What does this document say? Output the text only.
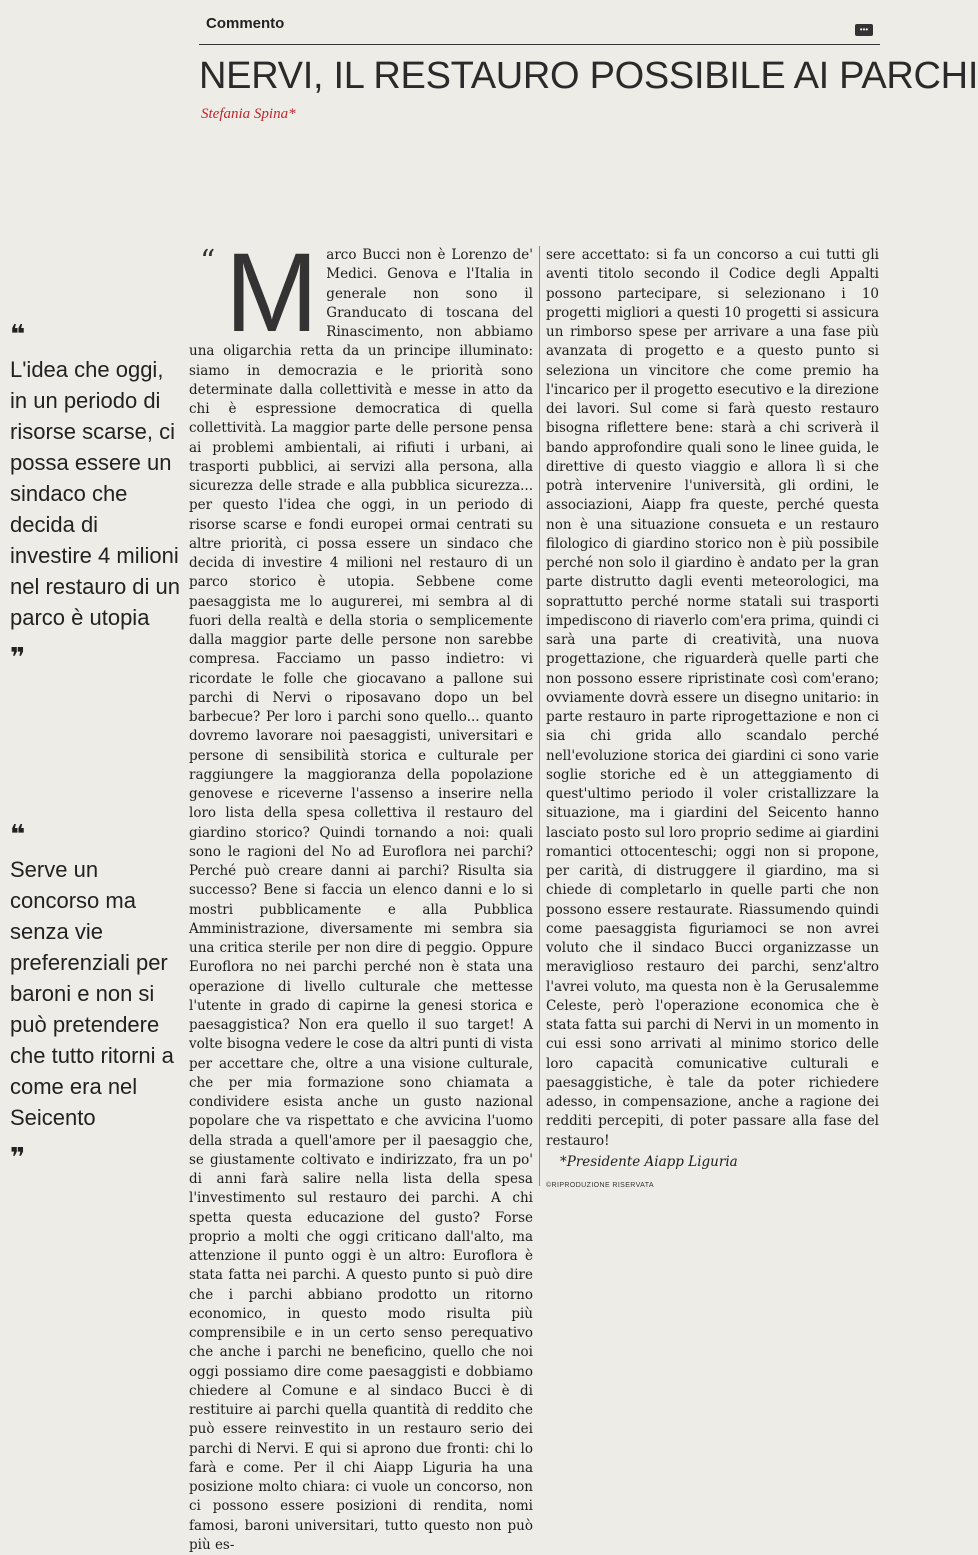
Commento	•••
NERVI, IL RESTAURO POSSIBILE AI PARCHI
Stefania Spina*
❝
L'idea che oggi, in un periodo di risorse scarse, ci possa essere un sindaco che decida di investire 4 milioni nel restauro di un parco è utopia
❞
❝
Serve un concorso ma senza vie preferenziali per baroni e non si può pretendere che tutto ritorni a come era nel Seicento
❞
“ Marco Bucci non è Lorenzo de' Medici. Genova e l'Italia in generale non sono il Granducato di toscana del Rinascimento, non abbiamo una oligarchia retta da un principe illuminato: siamo in democrazia e le priorità sono determinate dalla collettività e messe in atto da chi è espressione democratica di quella collettività. La maggior parte delle persone pensa ai problemi ambientali, ai rifiuti i urbani, ai trasporti pubblici, ai servizi alla persona, alla sicurezza delle strade e alla pubblica sicurezza... per questo l'idea che oggi, in un periodo di risorse scarse e fondi europei ormai centrati su altre priorità, ci possa essere un sindaco che decida di investire 4 milioni nel restauro di un parco storico è utopia. Sebbene come paesaggista me lo augurerei, mi sembra al di fuori della realtà e della storia o semplicemente dalla maggior parte delle persone non sarebbe compresa. Facciamo un passo indietro: vi ricordate le folle che giocavano a pallone sui parchi di Nervi o riposavano dopo un bel barbecue? Per loro i parchi sono quello... quanto dovremo lavorare noi paesaggisti, universitari e persone di sensibilità storica e culturale per raggiungere la maggioranza della popolazione genovese e riceverne l'assenso a inserire nella loro lista della spesa collettiva il restauro del giardino storico? Quindi tornando a noi: quali sono le ragioni del No ad Euroflora nei parchi? Perché può creare danni ai parchi? Risulta sia successo? Bene si faccia un elenco danni e lo si mostri pubblicamente e alla Pubblica Amministrazione, diversamente mi sembra sia una critica sterile per non dire di peggio. Oppure Euroflora no nei parchi perché non è stata una operazione di livello culturale che mettesse l'utente in grado di capirne la genesi storica e paesaggistica? Non era quello il suo target! A volte bisogna vedere le cose da altri punti di vista per accettare che, oltre a una visione culturale, che per mia formazione sono chiamata a condividere esista anche un gusto nazional popolare che va rispettato e che avvicina l'uomo della strada a quell'amore per il paesaggio che, se giustamente coltivato e indirizzato, fra un po' di anni farà salire nella lista della spesa l'investimento sul restauro dei parchi. A chi spetta questa educazione del gusto? Forse proprio a molti che oggi criticano dall'alto, ma attenzione il punto oggi è un altro: Euroflora è stata fatta nei parchi. A questo punto si può dire che i parchi abbiano prodotto un ritorno economico, in questo modo risulta più comprensibile e in un certo senso perequativo che anche i parchi ne beneficino, quello che noi oggi possiamo dire come paesaggisti e dobbiamo chiedere al Comune e al sindaco Bucci è di restituire ai parchi quella quantità di reddito che può essere reinvestito in un restauro serio dei parchi di Nervi. E qui si aprono due fronti: chi lo farà e come. Per il chi Aiapp Liguria ha una posizione molto chiara: ci vuole un concorso, non ci possono essere posizioni di rendita, nomi famosi, baroni universitari, tutto questo non può più es-
sere accettato: si fa un concorso a cui tutti gli aventi titolo secondo il Codice degli Appalti possono partecipare, si selezionano i 10 progetti migliori a questi 10 progetti si assicura un rimborso spese per arrivare a una fase più avanzata di progetto e a questo punto si seleziona un vincitore che come premio ha l'incarico per il progetto esecutivo e la direzione dei lavori. Sul come si farà questo restauro bisogna riflettere bene: starà a chi scriverà il bando approfondire quali sono le linee guida, le direttive di questo viaggio e allora lì si che potrà intervenire l'università, gli ordini, le associazioni, Aiapp fra queste, perché questa non è una situazione consueta e un restauro filologico di giardino storico non è più possibile perché non solo il giardino è andato per la gran parte distrutto dagli eventi meteorologici, ma soprattutto perché norme statali sui trasporti impediscono di riaverlo com'era prima, quindi ci sarà una parte di creatività, una nuova progettazione, che riguarderà quelle parti che non possono essere ripristinate così com'erano; ovviamente dovrà essere un disegno unitario: in parte restauro in parte riprogettazione e non ci sia chi grida allo scandalo perché nell'evoluzione storica dei giardini ci sono varie soglie storiche ed è un atteggiamento di quest'ultimo periodo il voler cristallizzare la situazione, ma i giardini del Seicento hanno lasciato posto sul loro proprio sedime ai giardini romantici ottocenteschi; oggi non si propone, per carità, di distruggere il giardino, ma si chiede di completarlo in quelle parti che non possono essere restaurate. Riassumendo quindi come paesaggista figuriamoci se non avrei voluto che il sindaco Bucci organizzasse un meraviglioso restauro dei parchi, senz'altro l'avrei voluto, ma questa non è la Gerusalemme Celeste, però l'operazione economica che è stata fatta sui parchi di Nervi in un momento in cui essi sono arrivati al minimo storico delle loro capacità comunicative culturali e paesaggistiche, è tale da poter richiedere adesso, in compensazione, anche a ragione dei redditi percepiti, di poter passare alla fase del restauro!
*Presidente Aiapp Liguria
©RIPRODUZIONE RISERVATA
